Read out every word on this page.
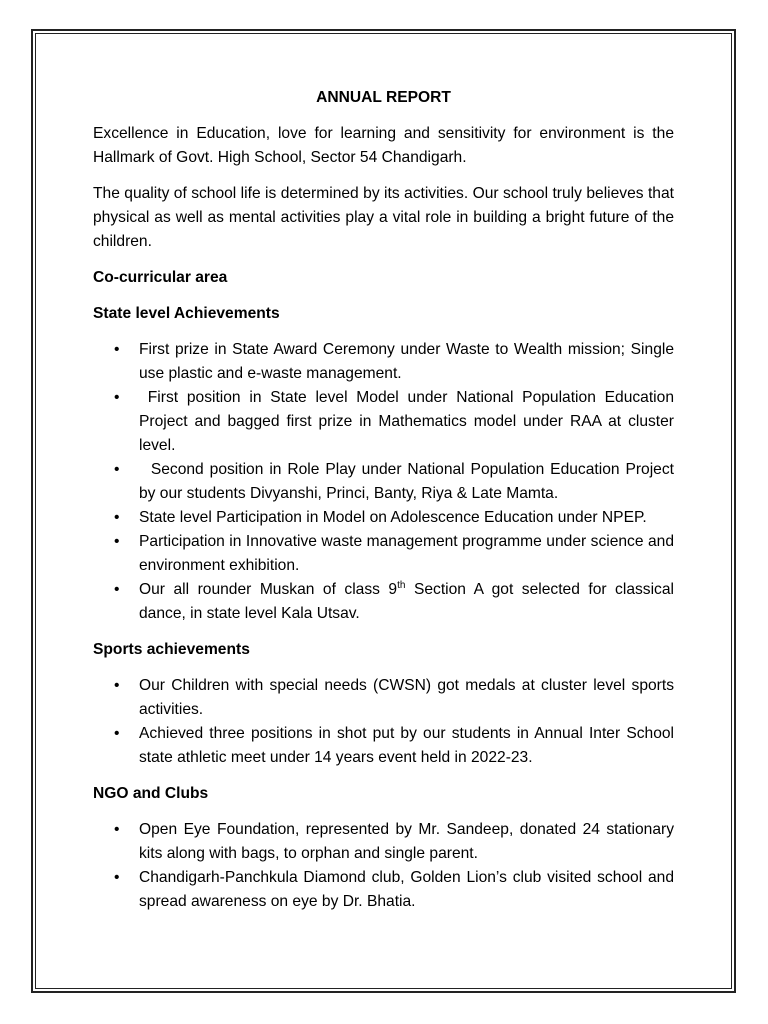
ANNUAL REPORT

Excellence in Education, love for learning and sensitivity for environment is the Hallmark of Govt. High School, Sector 54 Chandigarh.

The quality of school life is determined by its activities. Our school truly believes that physical as well as mental activities play a vital role in building a bright future of the children.

Co-curricular area
State level Achievements
• First prize in State Award Ceremony under Waste to Wealth mission; Single use plastic and e-waste management.
•  First position in State level Model under National Population Education Project and bagged first prize in Mathematics model under RAA at cluster level.
•   Second position in Role Play under National Population Education Project by our students Divyanshi, Princi, Banty, Riya & Late Mamta.
• State level Participation in Model on Adolescence Education under NPEP.
• Participation in Innovative waste management programme under science and environment exhibition.
• Our all rounder Muskan of class 9th Section A got selected for classical dance, in state level Kala Utsav.
Sports achievements
• Our Children with special needs (CWSN) got medals at cluster level sports activities.
• Achieved three positions in shot put by our students in Annual Inter School state athletic meet under 14 years event held in 2022-23.
NGO and Clubs
• Open Eye Foundation, represented by Mr. Sandeep, donated 24 stationary kits along with bags, to orphan and single parent.
• Chandigarh-Panchkula Diamond club, Golden Lion’s club visited school and spread awareness on eye by Dr. Bhatia.
